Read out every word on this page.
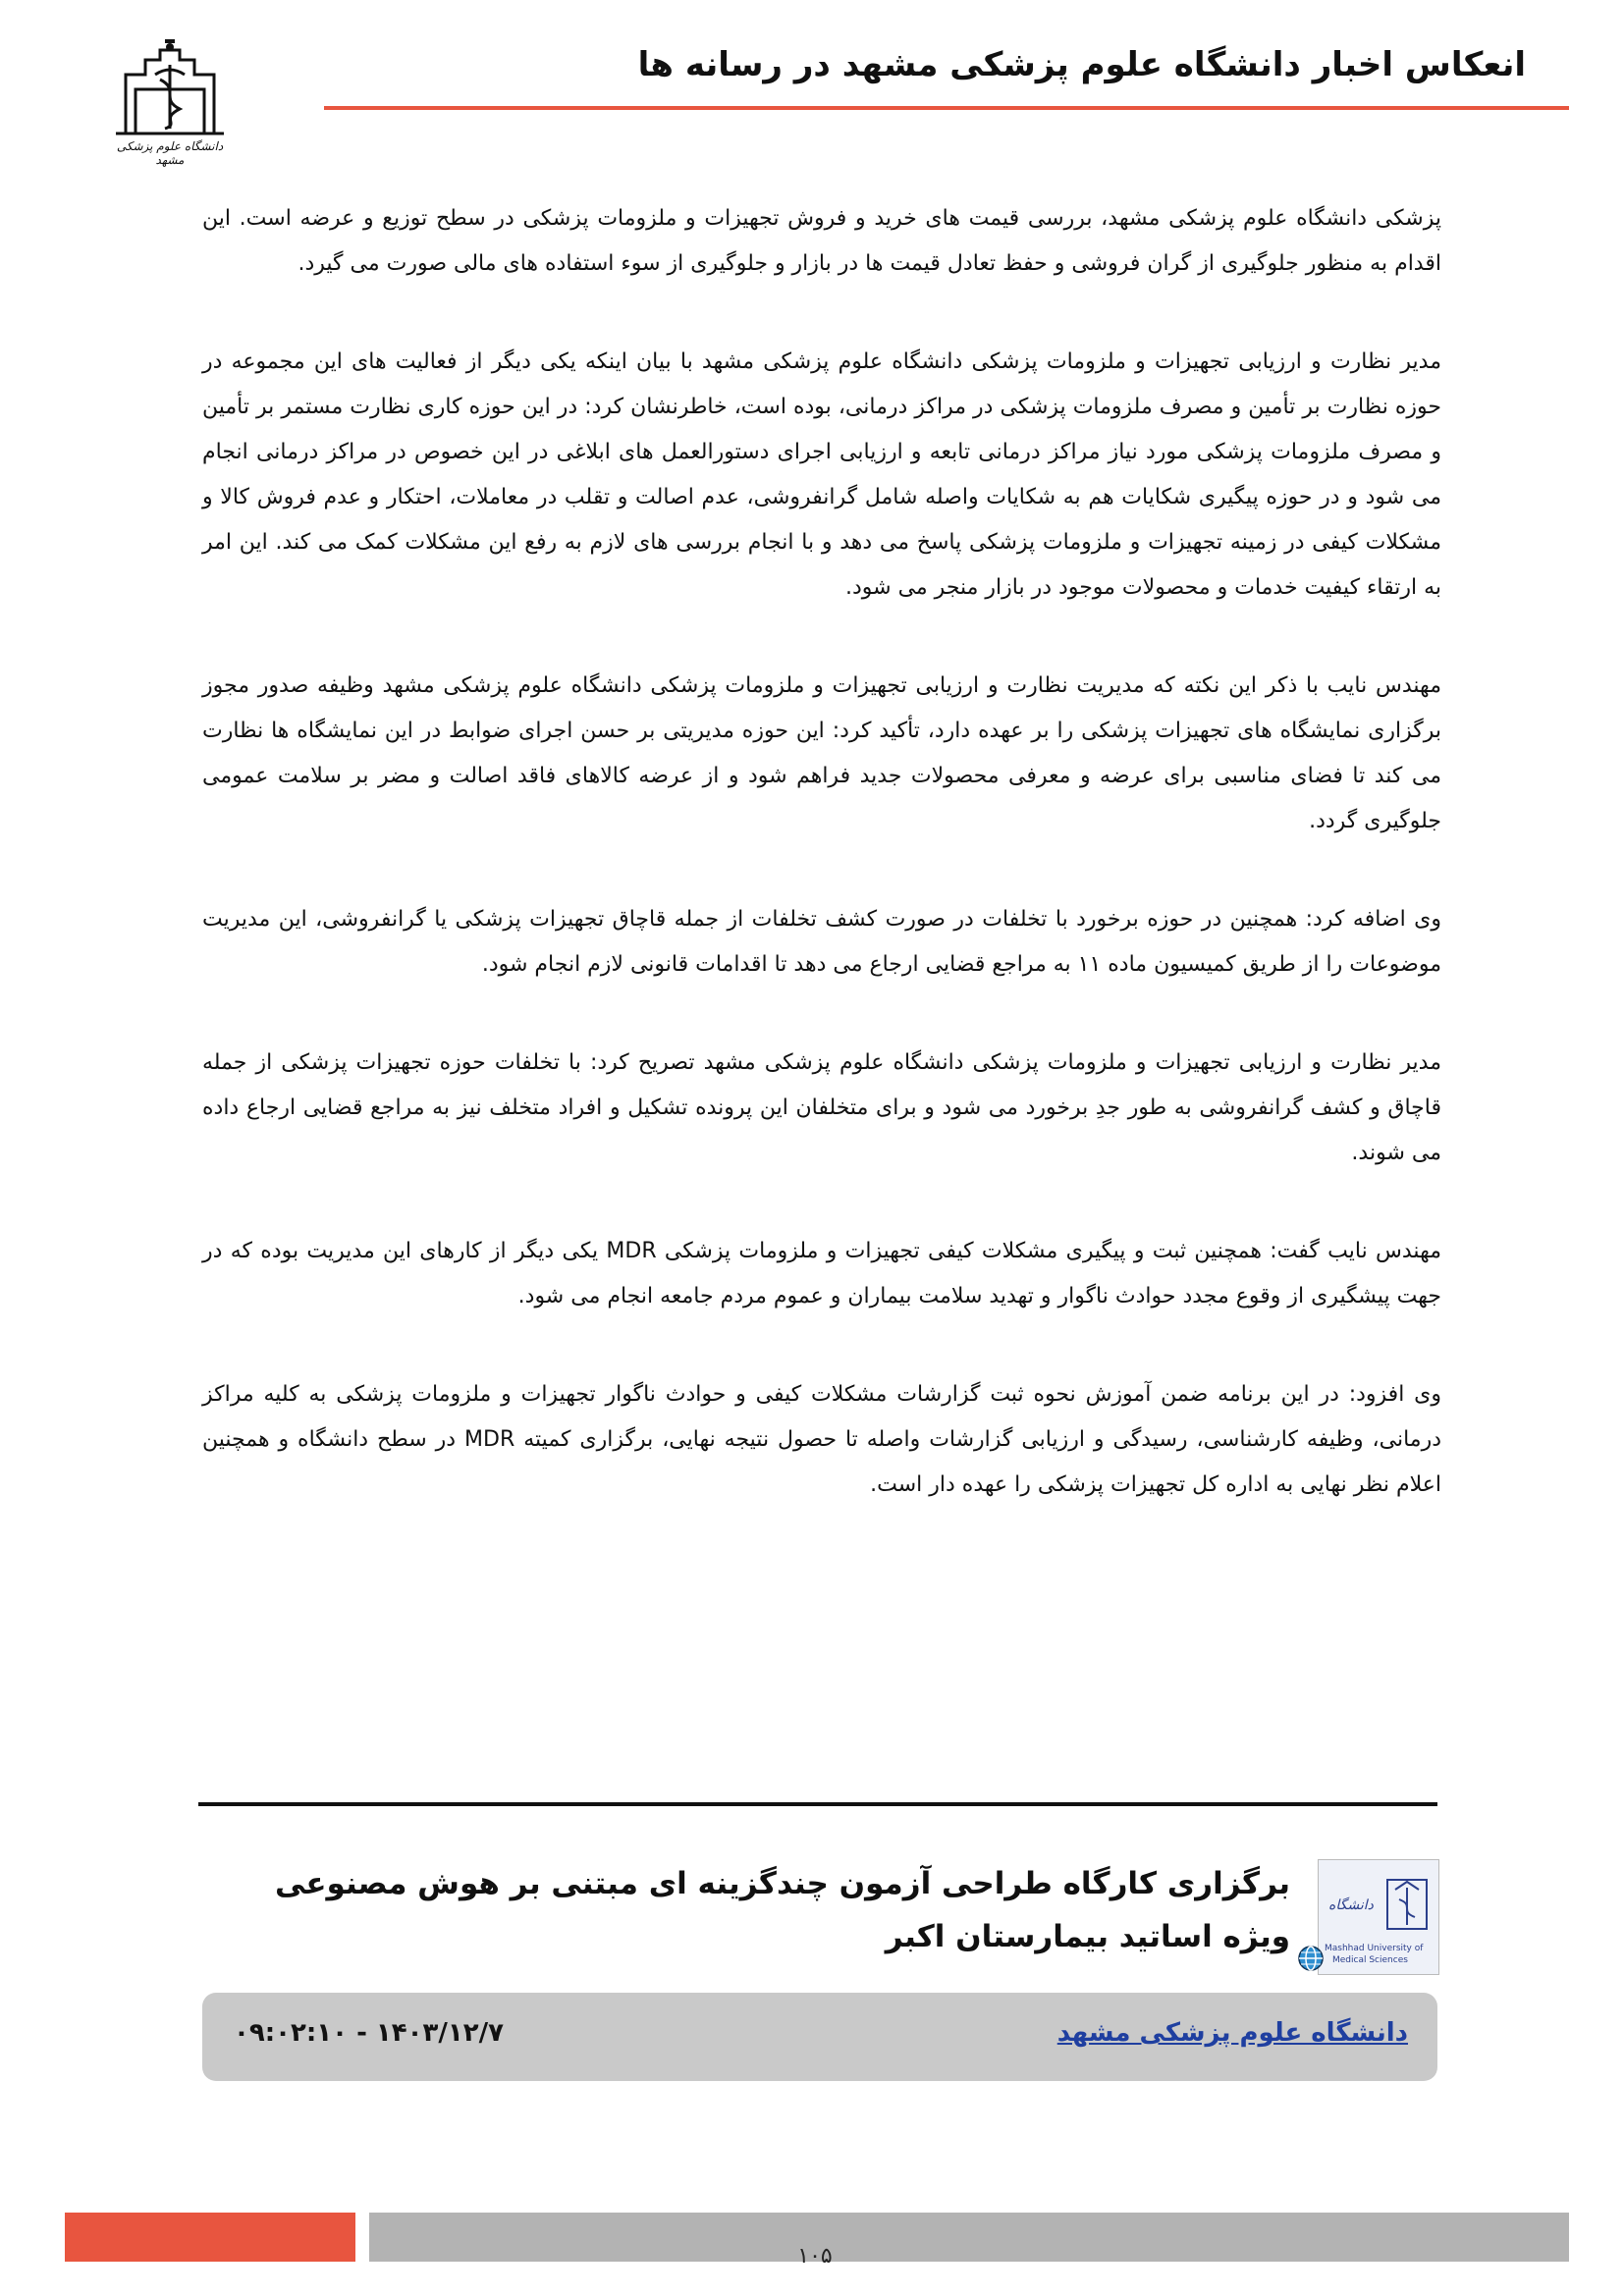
انعکاس اخبار دانشگاه علوم پزشکی مشهد در رسانه ها
دانشگاه علوم پزشکی مشهد

پزشکی دانشگاه علوم پزشکی مشهد، بررسی قیمت های خرید و فروش تجهیزات و ملزومات پزشکی در سطح توزیع و عرضه است. این اقدام به منظور جلوگیری از گران فروشی و حفظ تعادل قیمت ها در بازار و جلوگیری از سوء استفاده های مالی صورت می گیرد.

مدیر نظارت و ارزیابی تجهیزات و ملزومات پزشکی دانشگاه علوم پزشکی مشهد با بیان اینکه یکی دیگر از فعالیت های این مجموعه در حوزه نظارت بر تأمین و مصرف ملزومات پزشکی در مراکز درمانی، بوده است، خاطرنشان کرد: در این حوزه کاری نظارت مستمر بر تأمین و مصرف ملزومات پزشکی مورد نیاز مراکز درمانی تابعه و ارزیابی اجرای دستورالعمل های ابلاغی در این خصوص در مراکز درمانی انجام می شود و در حوزه پیگیری شکایات هم به شکایات واصله شامل گرانفروشی، عدم اصالت و تقلب در معاملات، احتکار و عدم فروش کالا و مشکلات کیفی در زمینه تجهیزات و ملزومات پزشکی پاسخ می دهد و با انجام بررسی های لازم به رفع این مشکلات کمک می کند. این امر به ارتقاء کیفیت خدمات و محصولات موجود در بازار منجر می شود.

مهندس نایب با ذکر این نکته که مدیریت نظارت و ارزیابی تجهیزات و ملزومات پزشکی دانشگاه علوم پزشکی مشهد وظیفه صدور مجوز برگزاری نمایشگاه های تجهیزات پزشکی را بر عهده دارد، تأکید کرد: این حوزه مدیریتی بر حسن اجرای ضوابط در این نمایشگاه ها نظارت می کند تا فضای مناسبی برای عرضه و معرفی محصولات جدید فراهم شود و از عرضه کالاهای فاقد اصالت و مضر بر سلامت عمومی جلوگیری گردد.

وی اضافه کرد: همچنین در حوزه برخورد با تخلفات در صورت کشف تخلفات از جمله قاچاق تجهیزات پزشکی یا گرانفروشی، این مدیریت موضوعات را از طریق کمیسیون ماده ۱۱ به مراجع قضایی ارجاع می دهد تا اقدامات قانونی لازم انجام شود.

مدیر نظارت و ارزیابی تجهیزات و ملزومات پزشکی دانشگاه علوم پزشکی مشهد تصریح کرد: با تخلفات حوزه تجهیزات پزشکی از جمله قاچاق و کشف گرانفروشی به طور جدِ برخورد می شود و برای متخلفان این پرونده تشکیل و افراد متخلف نیز به مراجع قضایی ارجاع داده می شوند.

مهندس نایب گفت: همچنین ثبت و پیگیری مشکلات کیفی تجهیزات و ملزومات پزشکی MDR یکی دیگر از کارهای این مدیریت بوده که در جهت پیشگیری از وقوع مجدد حوادث ناگوار و تهدید سلامت بیماران و عموم مردم جامعه انجام می شود.

وی افزود: در این برنامه ضمن آموزش نحوه ثبت گزارشات مشکلات کیفی و حوادث ناگوار تجهیزات و ملزومات پزشکی به کلیه مراکز درمانی، وظیفه کارشناسی، رسیدگی و ارزیابی گزارشات واصله تا حصول نتیجه نهایی، برگزاری کمیته MDR در سطح دانشگاه و همچنین اعلام نظر نهایی به اداره کل تجهیزات پزشکی را عهده دار است.

دانشگاه
Mashhad University of
Medical Sciences
برگزاری کارگاه طراحی آزمون چندگزینه ای مبتنی بر هوش مصنوعی ویژه اساتید بیمارستان اکبر
دانشگاه علوم پزشکی مشهد
۱۴۰۳/۱۲/۷ - ۰۹:۰۲:۱۰
۱۰۵
